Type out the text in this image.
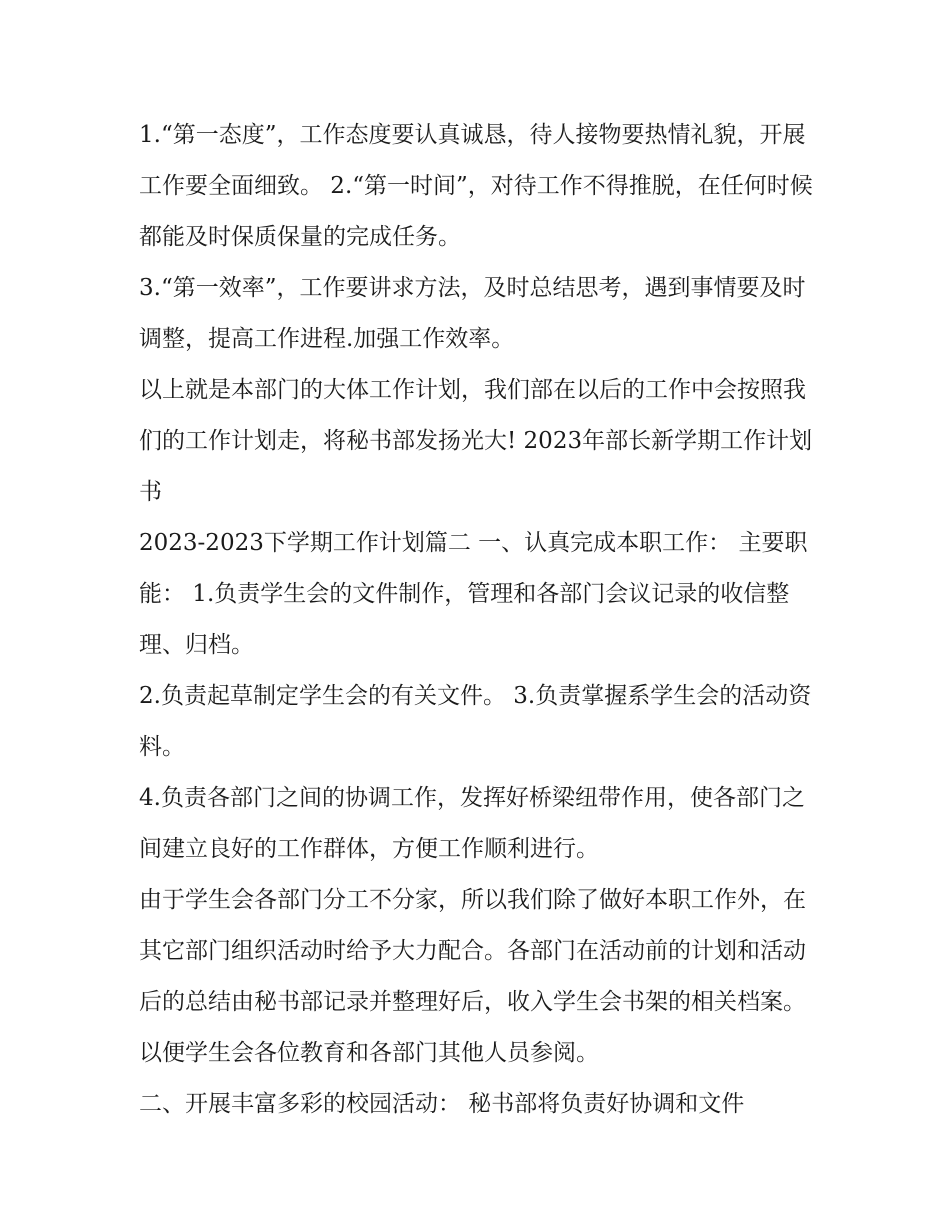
1.“第一态度”，工作态度要认真诚恳，待人接物要热情礼貌，开展工作要全面细致。 2.“第一时间”，对待工作不得推脱，在任何时候都能及时保质保量的完成任务。

3.“第一效率”，工作要讲求方法，及时总结思考，遇到事情要及时调整，提高工作进程.加强工作效率。

以上就是本部门的大体工作计划，我们部在以后的工作中会按照我们的工作计划走，将秘书部发扬光大! 2023年部长新学期工作计划书

2023-2023下学期工作计划篇二 一、认真完成本职工作： 主要职能： 1.负责学生会的文件制作，管理和各部门会议记录的收信整理、归档。

2.负责起草制定学生会的有关文件。 3.负责掌握系学生会的活动资料。

4.负责各部门之间的协调工作，发挥好桥梁纽带作用，使各部门之间建立良好的工作群体，方便工作顺利进行。

由于学生会各部门分工不分家，所以我们除了做好本职工作外，在其它部门组织活动时给予大力配合。各部门在活动前的计划和活动后的总结由秘书部记录并整理好后，收入学生会书架的相关档案。以便学生会各位教育和各部门其他人员参阅。

二、开展丰富多彩的校园活动： 秘书部将负责好协调和文件
